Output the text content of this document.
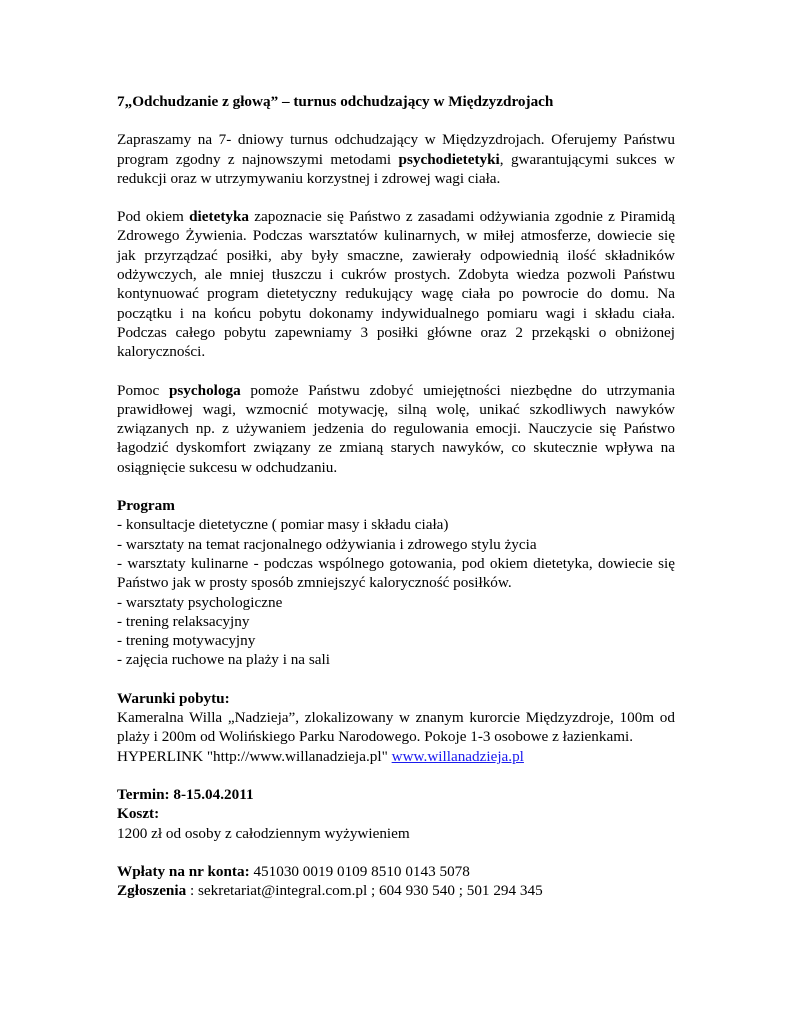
7„Odchudzanie z głową” – turnus odchudzający w Międzyzdrojach

Zapraszamy na 7- dniowy turnus odchudzający w Międzyzdrojach. Oferujemy Państwu program zgodny z najnowszymi metodami psychodietetyki, gwarantującymi sukces w redukcji oraz w utrzymywaniu korzystnej i zdrowej wagi ciała.

Pod okiem dietetyka zapoznacie się Państwo z zasadami odżywiania zgodnie z Piramidą Zdrowego Żywienia. Podczas warsztatów kulinarnych, w miłej atmosferze, dowiecie się jak przyrządzać posiłki, aby były smaczne, zawierały odpowiednią ilość składników odżywczych, ale mniej tłuszczu i cukrów prostych. Zdobyta wiedza pozwoli Państwu kontynuować program dietetyczny redukujący wagę ciała po powrocie do domu. Na początku i na końcu pobytu dokonamy indywidualnego pomiaru wagi i składu ciała. Podczas całego pobytu zapewniamy 3 posiłki główne oraz 2 przekąski o obniżonej kaloryczności.

Pomoc psychologa pomoże Państwu zdobyć umiejętności niezbędne do utrzymania prawidłowej wagi, wzmocnić motywację, silną wolę, unikać szkodliwych nawyków związanych np. z używaniem jedzenia do regulowania emocji. Nauczycie się Państwo łagodzić dyskomfort związany ze zmianą starych nawyków, co skutecznie wpływa na osiągnięcie sukcesu w odchudzaniu.

Program

- konsultacje dietetyczne ( pomiar masy i składu ciała)

- warsztaty na temat racjonalnego odżywiania i zdrowego stylu życia

- warsztaty kulinarne - podczas wspólnego gotowania, pod okiem dietetyka, dowiecie się Państwo jak w prosty sposób zmniejszyć kaloryczność posiłków.

- warsztaty psychologiczne

- trening relaksacyjny

- trening motywacyjny

- zajęcia ruchowe na plaży i na sali

Warunki pobytu:

Kameralna Willa „Nadzieja”, zlokalizowany w znanym kurorcie Międzyzdroje, 100m od plaży i 200m od Wolińskiego Parku Narodowego. Pokoje 1-3 osobowe z łazienkami.

HYPERLINK "http://www.willanadzieja.pl" www.willanadzieja.pl

Termin: 8-15.04.2011

Koszt:

1200 zł od osoby z całodziennym wyżywieniem

Wpłaty na nr konta: 451030 0019 0109 8510 0143 5078

Zgłoszenia : sekretariat@integral.com.pl ; 604 930 540 ; 501 294 345
